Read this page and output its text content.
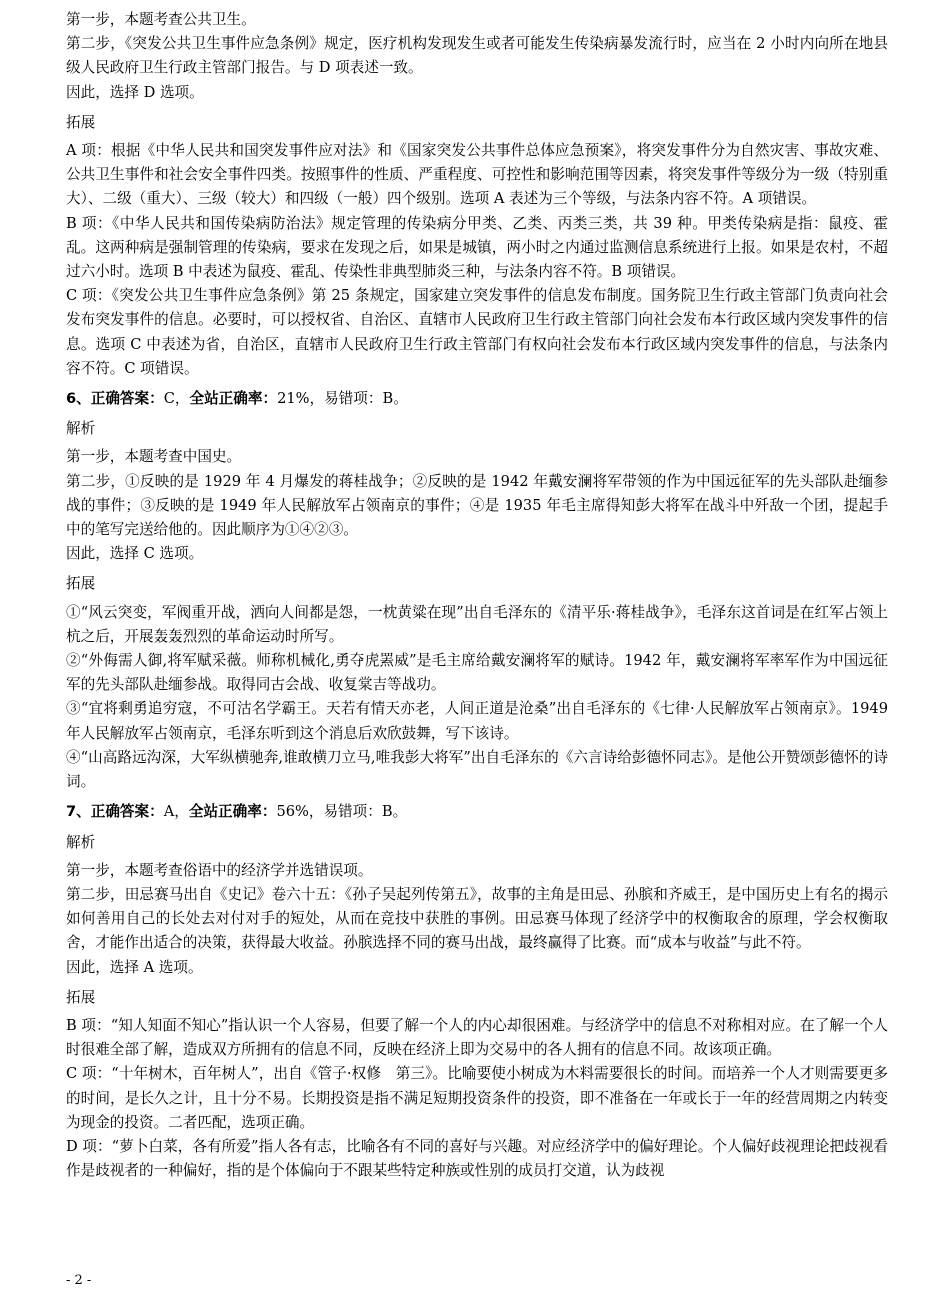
第一步，本题考查公共卫生。

第二步，《突发公共卫生事件应急条例》规定，医疗机构发现发生或者可能发生传染病暴发流行时，应当在 2 小时内向所在地县级人民政府卫生行政主管部门报告。与 D 项表述一致。

因此，选择 D 选项。

拓展

A 项：根据《中华人民共和国突发事件应对法》和《国家突发公共事件总体应急预案》，将突发事件分为自然灾害、事故灾难、公共卫生事件和社会安全事件四类。按照事件的性质、严重程度、可控性和影响范围等因素，将突发事件等级分为一级（特别重大）、二级（重大）、三级（较大）和四级（一般）四个级别。选项 A 表述为三个等级，与法条内容不符。A 项错误。

B 项：《中华人民共和国传染病防治法》规定管理的传染病分甲类、乙类、丙类三类，共 39 种。甲类传染病是指：鼠疫、霍乱。这两种病是强制管理的传染病，要求在发现之后，如果是城镇，两小时之内通过监测信息系统进行上报。如果是农村，不超过六小时。选项 B 中表述为鼠疫、霍乱、传染性非典型肺炎三种，与法条内容不符。B 项错误。

C 项：《突发公共卫生事件应急条例》第 25 条规定，国家建立突发事件的信息发布制度。国务院卫生行政主管部门负责向社会发布突发事件的信息。必要时，可以授权省、自治区、直辖市人民政府卫生行政主管部门向社会发布本行政区域内突发事件的信息。选项 C 中表述为省，自治区，直辖市人民政府卫生行政主管部门有权向社会发布本行政区域内突发事件的信息，与法条内容不符。C 项错误。

6、正确答案：C，全站正确率：21%，易错项：B。

解析

第一步，本题考查中国史。

第二步，①反映的是 1929 年 4 月爆发的蒋桂战争；②反映的是 1942 年戴安澜将军带领的作为中国远征军的先头部队赴缅参战的事件；③反映的是 1949 年人民解放军占领南京的事件；④是 1935 年毛主席得知彭大将军在战斗中歼敌一个团，提起手中的笔写完送给他的。因此顺序为①④②③。

因此，选择 C 选项。

拓展

①“风云突变，军阀重开战，洒向人间都是怨，一枕黄粱在现”出自毛泽东的《清平乐·蒋桂战争》，毛泽东这首词是在红军占领上杭之后，开展轰轰烈烈的革命运动时所写。

②“外侮需人御,将军赋采薇。师称机械化,勇夺虎罴威”是毛主席给戴安澜将军的赋诗。1942 年，戴安澜将军率军作为中国远征军的先头部队赴缅参战。取得同古会战、收复棠吉等战功。

③“宜将剩勇追穷寇，不可沽名学霸王。天若有情天亦老，人间正道是沧桑”出自毛泽东的《七律·人民解放军占领南京》。1949 年人民解放军占领南京，毛泽东听到这个消息后欢欣鼓舞，写下该诗。

④“山高路远沟深，大军纵横驰奔,谁敢横刀立马,唯我彭大将军”出自毛泽东的《六言诗给彭德怀同志》。是他公开赞颂彭德怀的诗词。

7、正确答案：A，全站正确率：56%，易错项：B。

解析

第一步，本题考查俗语中的经济学并选错误项。

第二步，田忌赛马出自《史记》卷六十五：《孙子吴起列传第五》，故事的主角是田忌、孙膑和齐威王，是中国历史上有名的揭示如何善用自己的长处去对付对手的短处，从而在竞技中获胜的事例。田忌赛马体现了经济学中的权衡取舍的原理，学会权衡取舍，才能作出适合的决策，获得最大收益。孙膑选择不同的赛马出战，最终赢得了比赛。而“成本与收益”与此不符。

因此，选择 A 选项。

拓展

B 项：“知人知面不知心”指认识一个人容易，但要了解一个人的内心却很困难。与经济学中的信息不对称相对应。在了解一个人时很难全部了解，造成双方所拥有的信息不同，反映在经济上即为交易中的各人拥有的信息不同。故该项正确。

C 项：“十年树木，百年树人”，出自《管子·权修　第三》。比喻要使小树成为木料需要很长的时间。而培养一个人才则需要更多的时间，是长久之计，且十分不易。长期投资是指不满足短期投资条件的投资，即不准备在一年或长于一年的经营周期之内转变为现金的投资。二者匹配，选项正确。

D 项：“萝卜白菜，各有所爱”指人各有志，比喻各有不同的喜好与兴趣。对应经济学中的偏好理论。个人偏好歧视理论把歧视看作是歧视者的一种偏好，指的是个体偏向于不跟某些特定种族或性别的成员打交道，认为歧视

- 2 -
